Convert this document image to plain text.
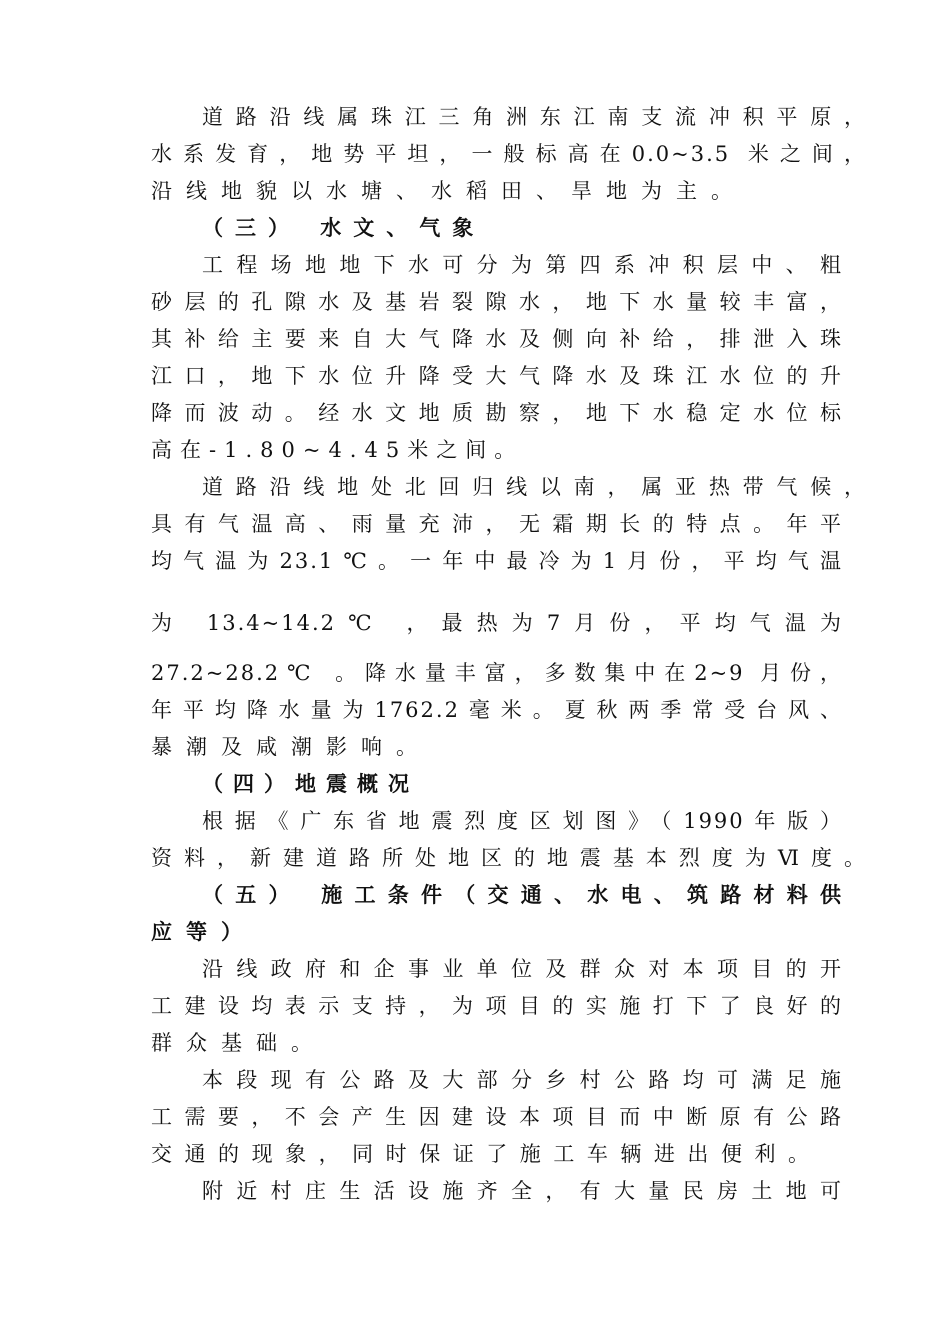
道路沿线属珠江三角洲东江南支流冲积平原，
水系发育，地势平坦，一般标高在0.0~3.5 米之间，
沿线地貌以水塘、水稻田、旱地为主。
（三） 水文、气象
工程场地地下水可分为第四系冲积层中、粗
砂层的孔隙水及基岩裂隙水，地下水量较丰富，
其补给主要来自大气降水及侧向补给，排泄入珠
江口，地下水位升降受大气降水及珠江水位的升
降而波动。经水文地质勘察，地下水稳定水位标
高在-1.80~4.45米之间。
道路沿线地处北回归线以南，属亚热带气候，
具有气温高、雨量充沛，无霜期长的特点。年平
均气温为23.1℃。一年中最冷为1月份，平均气温
为 13.4~14.2℃ ，最热为7月份，平均气温为
27.2~28.2℃ 。降水量丰富，多数集中在2~9 月份，
年平均降水量为1762.2毫米。夏秋两季常受台风、
暴潮及咸潮影响。
（四）地震概况
根据《广东省地震烈度区划图》（1990年版）
资料，新建道路所处地区的地震基本烈度为Ⅵ度。
（五） 施工条件（交通、水电、筑路材料供
应等）
沿线政府和企事业单位及群众对本项目的开
工建设均表示支持，为项目的实施打下了良好的
群众基础。
本段现有公路及大部分乡村公路均可满足施
工需要，不会产生因建设本项目而中断原有公路
交通的现象，同时保证了施工车辆进出便利。
附近村庄生活设施齐全，有大量民房土地可
